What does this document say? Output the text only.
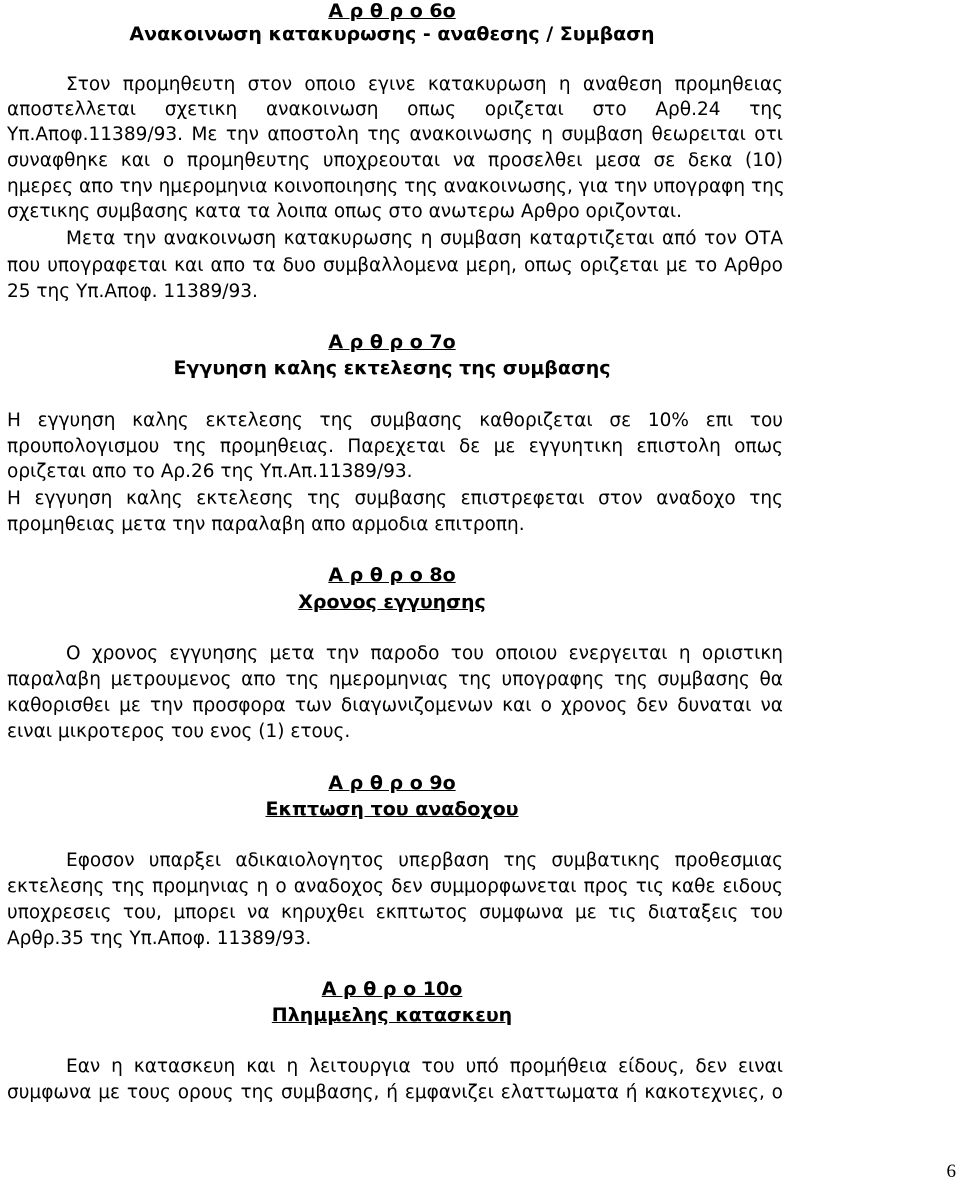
Α ρ θ ρ ο 6ο
Ανακοινωση κατακυρωσης - αναθεσης / Συμβαση
Στον προμηθευτη στον οποιο εγινε κατακυρωση η αναθεση προμηθειας
αποστελλεται σχετικη ανακοινωση οπως οριζεται στο Αρθ.24 της
Υπ.Αποφ.11389/93. Με την αποστολη της ανακοινωσης η συμβαση θεωρειται οτι
συναφθηκε και ο προμηθευτης υποχρεουται να προσελθει μεσα σε δεκα (10)
ημερες απο την ημερομηνια κοινοποιησης της ανακοινωσης, για την υπογραφη της
σχετικης συμβασης κατα τα λοιπα οπως στο ανωτερω Αρθρο οριζονται.
Μετα την ανακοινωση κατακυρωσης η συμβαση καταρτιζεται από τον ΟΤΑ
που υπογραφεται και απο τα δυο συμβαλλομενα μερη, οπως οριζεται με το Αρθρο
25 της Υπ.Αποφ. 11389/93.
Α ρ θ ρ ο 7ο
Εγγυηση καλης εκτελεσης της συμβασης
Η εγγυηση καλης εκτελεσης της συμβασης καθοριζεται σε 10% επι του
προυπολογισμου της προμηθειας. Παρεχεται δε με εγγυητικη επιστολη οπως
οριζεται απο το Αρ.26 της Υπ.Απ.11389/93.
Η εγγυηση καλης εκτελεσης της συμβασης επιστρεφεται στον αναδοχο της
προμηθειας μετα την παραλαβη απο αρμοδια επιτροπη.
Α ρ θ ρ ο 8ο
Χρονος εγγυησης
Ο χρονος εγγυησης μετα την παροδο του οποιου ενεργειται η οριστικη
παραλαβη μετρουμενος απο της ημερομηνιας της υπογραφης της συμβασης θα
καθορισθει με την προσφορα των διαγωνιζομενων και ο χρονος δεν δυναται να
ειναι μικροτερος του ενος (1) ετους.
Α ρ θ ρ ο 9ο
Εκπτωση του αναδοχου
Εφοσον υπαρξει αδικαιολογητος υπερβαση της συμβατικης προθεσμιας
εκτελεσης της προμηνιας η ο αναδοχος δεν συμμορφωνεται προς τις καθε ειδους
υποχρεσεις του, μπορει να κηρυχθει εκπτωτος συμφωνα με τις διαταξεις του
Αρθρ.35 της Υπ.Αποφ. 11389/93.
Α ρ θ ρ ο 10ο
Πλημμελης κατασκευη
Εαν η κατασκευη και η λειτουργια του υπό προμήθεια είδους, δεν ειναι
συμφωνα με τους ορους της συμβασης, ή εμφανιζει ελαττωματα ή κακοτεχνιες, ο
6
